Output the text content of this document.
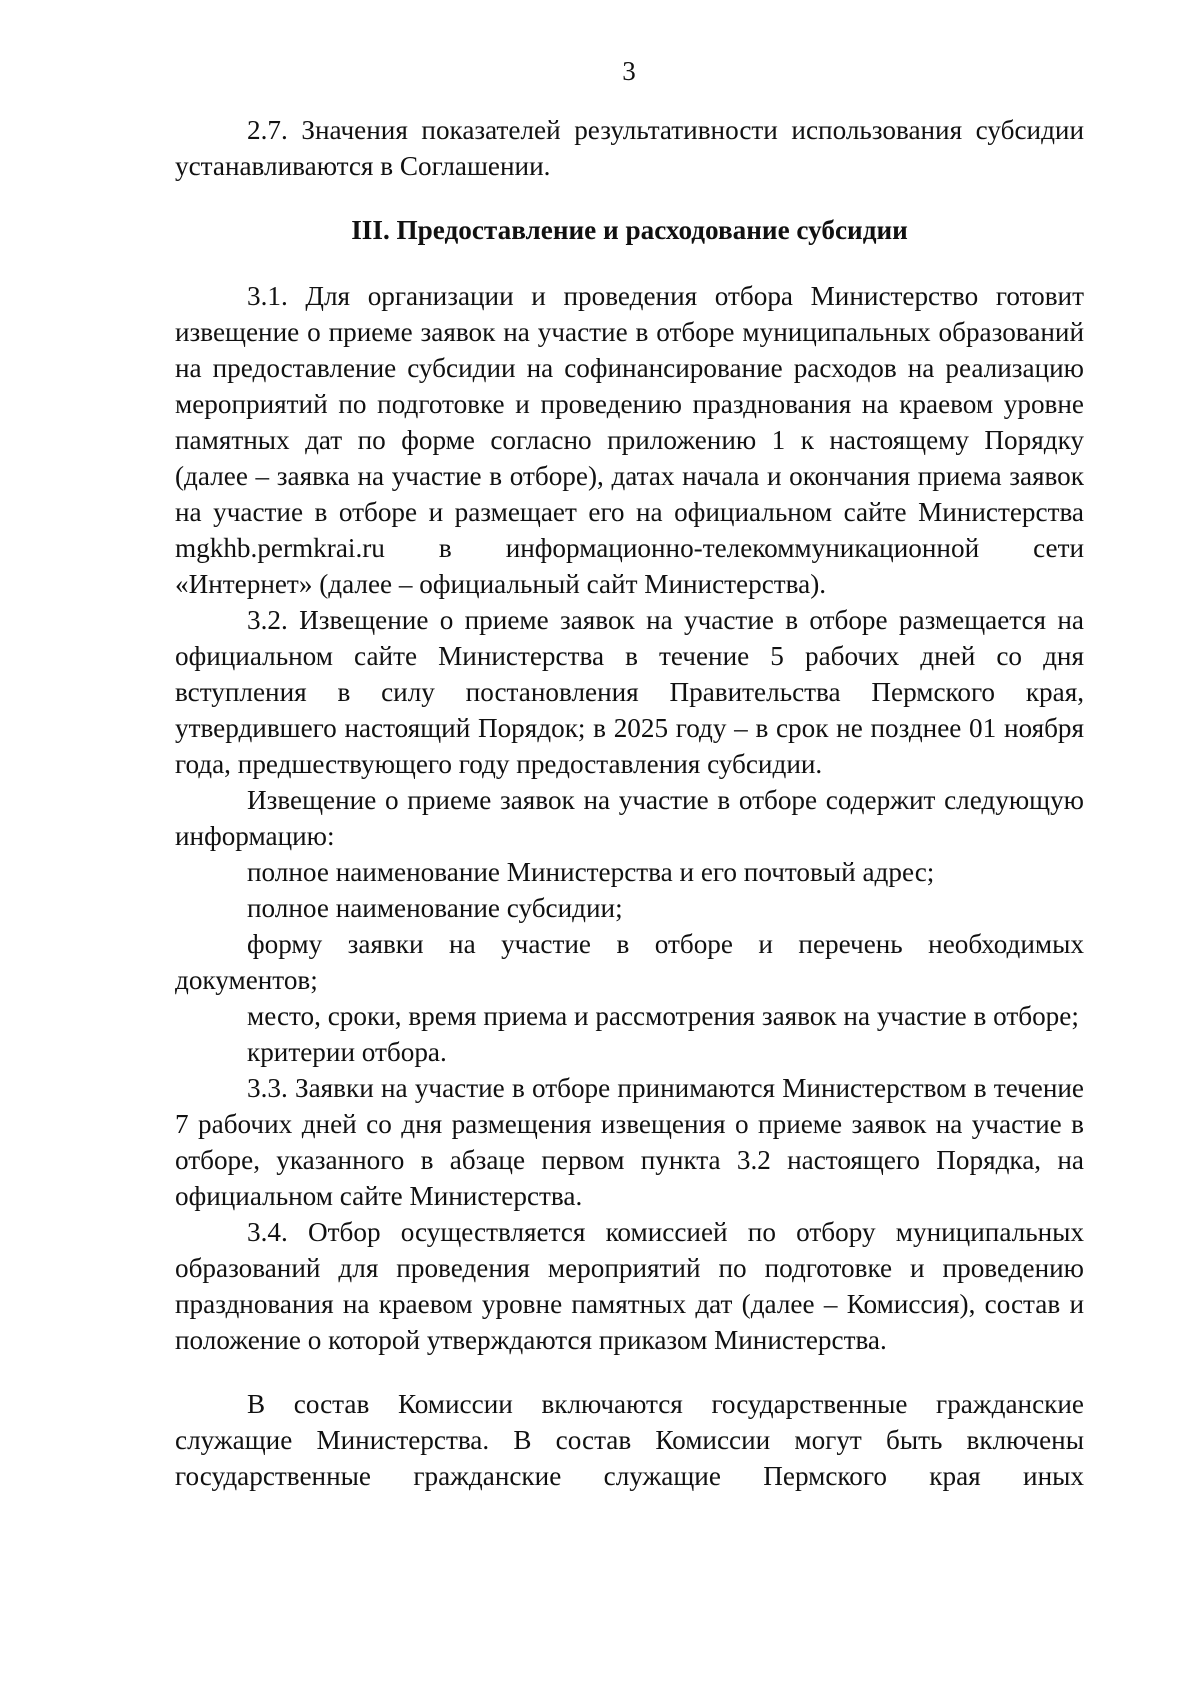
3

2.7. Значения показателей результативности использования субсидии устанавливаются в Соглашении.

III. Предоставление и расходование субсидии

3.1. Для организации и проведения отбора Министерство готовит извещение о приеме заявок на участие в отборе муниципальных образований на предоставление субсидии на софинансирование расходов на реализацию мероприятий по подготовке и проведению празднования на краевом уровне памятных дат по форме согласно приложению 1 к настоящему Порядку (далее – заявка на участие в отборе), датах начала и окончания приема заявок на участие в отборе и размещает его на официальном сайте Министерства mgkhb.permkrai.ru в информационно-телекоммуникационной сети «Интернет» (далее – официальный сайт Министерства).

3.2. Извещение о приеме заявок на участие в отборе размещается на официальном сайте Министерства в течение 5 рабочих дней со дня вступления в силу постановления Правительства Пермского края, утвердившего настоящий Порядок; в 2025 году – в срок не позднее 01 ноября года, предшествующего году предоставления субсидии.

Извещение о приеме заявок на участие в отборе содержит следующую информацию:

полное наименование Министерства и его почтовый адрес;

полное наименование субсидии;

форму заявки на участие в отборе и перечень необходимых документов;

место, сроки, время приема и рассмотрения заявок на участие в отборе;

критерии отбора.

3.3. Заявки на участие в отборе принимаются Министерством в течение 7 рабочих дней со дня размещения извещения о приеме заявок на участие в отборе, указанного в абзаце первом пункта 3.2 настоящего Порядка, на официальном сайте Министерства.

3.4. Отбор осуществляется комиссией по отбору муниципальных образований для проведения мероприятий по подготовке и проведению празднования на краевом уровне памятных дат (далее – Комиссия), состав и положение о которой утверждаются приказом Министерства.

В состав Комиссии включаются государственные гражданские служащие Министерства. В состав Комиссии могут быть включены государственные гражданские служащие Пермского края иных
